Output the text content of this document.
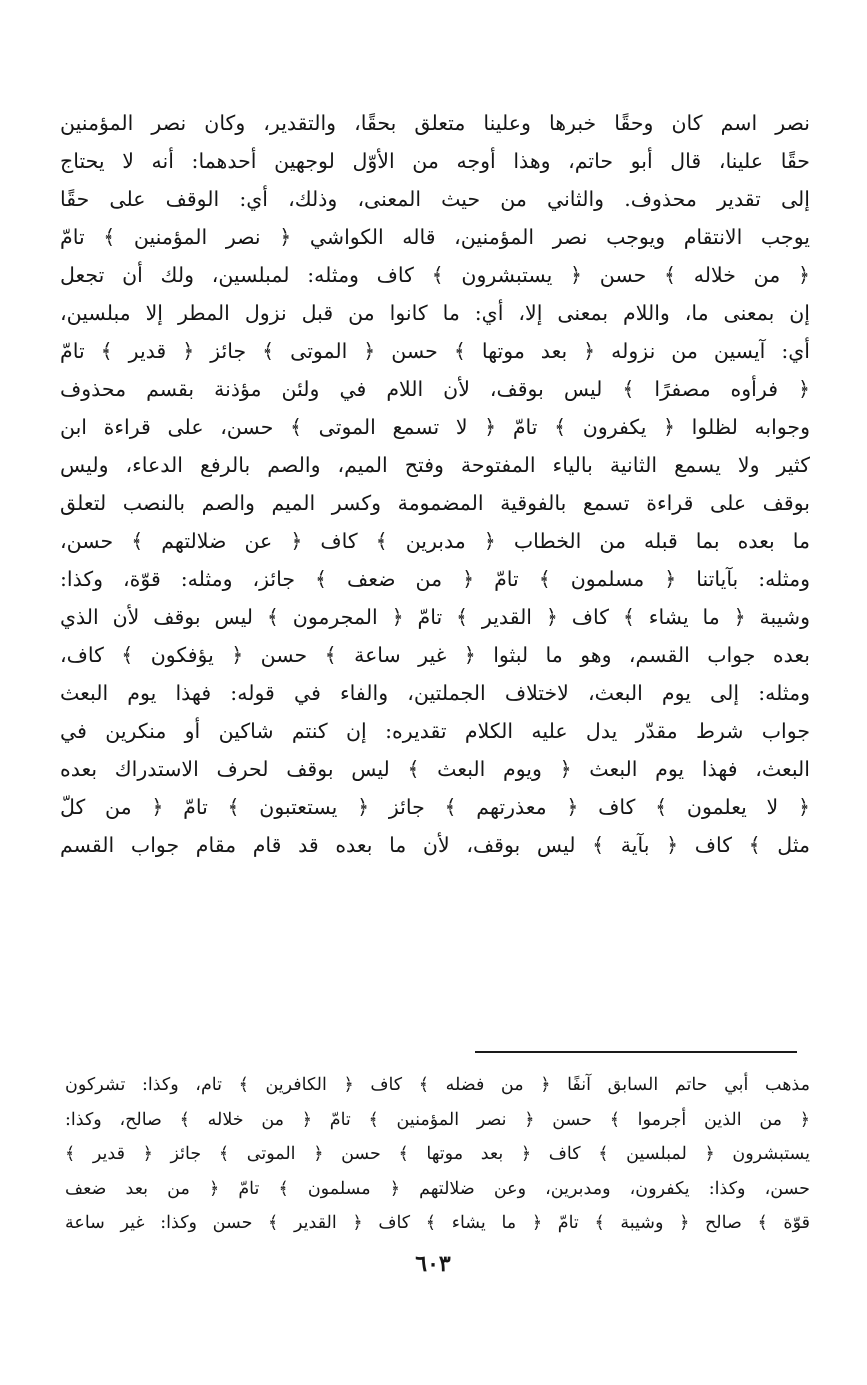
نصر اسم كان وحقًا خبرها وعلينا متعلق بحقًا، والتقدير، وكان نصر المؤمنين
حقًا علينا، قال أبو حاتم، وهذا أوجه من الأوّل لوجهين أحدهما: أنه لا يحتاج
إلى تقدير محذوف. والثاني من حيث المعنى، وذلك، أي: الوقف على حقًا
يوجب الانتقام ويوجب نصر المؤمنين، قاله الكواشي ﴿ نصر المؤمنين ﴾ تامّ
﴿ من خلاله ﴾ حسن ﴿ يستبشرون ﴾ كاف ومثله: لمبلسين، ولك أن تجعل
إن بمعنى ما، واللام بمعنى إلا، أي: ما كانوا من قبل نزول المطر إلا مبلسين،
أي: آيسين من نزوله ﴿ بعد موتها ﴾ حسن ﴿ الموتى ﴾ جائز ﴿ قدير ﴾ تامّ
﴿ فرأوه مصفرًا ﴾ ليس بوقف، لأن اللام في ولئن مؤذنة بقسم محذوف
وجوابه لظلوا ﴿ يكفرون ﴾ تامّ ﴿ لا تسمع الموتى ﴾ حسن، على قراءة ابن
كثير ولا يسمع الثانية بالياء المفتوحة وفتح الميم، والصم بالرفع الدعاء، وليس
بوقف على قراءة تسمع بالفوقية المضمومة وكسر الميم والصم بالنصب لتعلق
ما بعده بما قبله من الخطاب ﴿ مدبرين ﴾ كاف ﴿ عن ضلالتهم ﴾ حسن،
ومثله: بآياتنا ﴿ مسلمون ﴾ تامّ ﴿ من ضعف ﴾ جائز، ومثله: قوّة، وكذا:
وشيبة ﴿ ما يشاء ﴾ كاف ﴿ القدير ﴾ تامّ ﴿ المجرمون ﴾ ليس بوقف لأن الذي
بعده جواب القسم، وهو ما لبثوا ﴿ غير ساعة ﴾ حسن ﴿ يؤفكون ﴾ كاف،
ومثله: إلى يوم البعث، لاختلاف الجملتين، والفاء في قوله: فهذا يوم البعث
جواب شرط مقدّر يدل عليه الكلام تقديره: إن كنتم شاكين أو منكرين في
البعث، فهذا يوم البعث ﴿ ويوم البعث ﴾ ليس بوقف لحرف الاستدراك بعده
﴿ لا يعلمون ﴾ كاف ﴿ معذرتهم ﴾ جائز ﴿ يستعتبون ﴾ تامّ ﴿ من كلّ
مثل ﴾ كاف ﴿ بآية ﴾ ليس بوقف، لأن ما بعده قد قام مقام جواب القسم
مذهب أبي حاتم السابق آنفًا ﴿ من فضله ﴾ كاف ﴿ الكافرين ﴾ تام، وكذا: تشركون
﴿ من الذين أجرموا ﴾ حسن ﴿ نصر المؤمنين ﴾ تامّ ﴿ من خلاله ﴾ صالح، وكذا:
يستبشرون ﴿ لمبلسين ﴾ كاف ﴿ بعد موتها ﴾ حسن ﴿ الموتى ﴾ جائز ﴿ قدير ﴾
حسن، وكذا: يكفرون، ومدبرين، وعن ضلالتهم ﴿ مسلمون ﴾ تامّ ﴿ من بعد ضعف
قوّة ﴾ صالح ﴿ وشيبة ﴾ تامّ ﴿ ما يشاء ﴾ كاف ﴿ القدير ﴾ حسن وكذا: غير ساعة
٦٠٣
